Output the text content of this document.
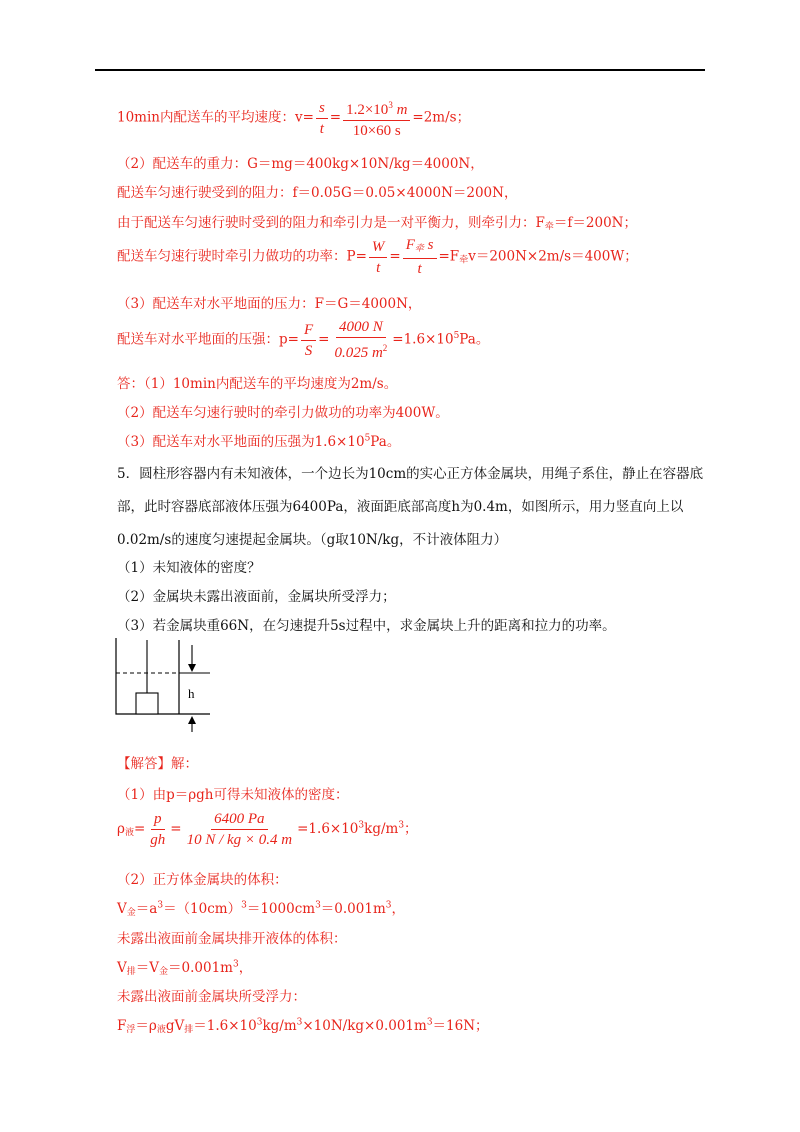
10min内配送车的平均速度：$v= \frac{s}{t} = \frac{1.2\times 10^3 m}{10\times 60 s} =2m/s$；
（2）配送车的重力：G＝mg＝400kg×10N/kg＝4000N，
配送车匀速行驶受到的阻力：f＝0.05G＝0.05×4000N＝200N，
由于配送车匀速行驶时受到的阻力和牵引力是一对平衡力，则牵引力：$F_牵=f=200N$；
配送车匀速行驶时牵引力做功的功率：$P= \frac{W}{t} = \frac{F_牵 s}{t} =F_牵v=200N\times 2m/s=400W$；
（3）配送车对水平地面的压力：F＝G＝4000N，
配送车对水平地面的压强：$p= \frac{F}{S} = \frac{4000 N}{0.025 m^2} =1.6\times 10^5Pa$。
答：（1）10min内配送车的平均速度为2m/s。
（2）配送车匀速行驶时的牵引力做功的功率为400W。
（3）配送车对水平地面的压强为$1.6\times 10^5Pa$。
5．圆柱形容器内有未知液体，一个边长为10cm的实心正方体金属块，用绳子系住，静止在容器底
部，此时容器底部液体压强为6400Pa，液面距底部高度h为0.4m，如图所示，用力竖直向上以
0.02m/s的速度匀速提起金属块。（g取10N/kg，不计液体阻力）
（1）未知液体的密度？
（2）金属块未露出液面前，金属块所受浮力；
（3）若金属块重66N，在匀速提升5s过程中，求金属块上升的距离和拉力的功率。
h
【解答】解：
（1）由p＝ρgh可得未知液体的密度：
$\rho_液= \frac{p}{gh} = \frac{6400 Pa}{10 N / kg \times 0.4 m} =1.6\times 10^3kg/m^3$；
（2）正方体金属块的体积：
$V_金=a^3=(10cm)^3=1000cm^3=0.001m^3$，
未露出液面前金属块排开液体的体积：
$V_排=V_金=0.001m^3$，
未露出液面前金属块所受浮力：
$F_浮=\rho_液gV_排=1.6\times 10^3kg/m^3\times 10N/kg\times 0.001m^3=16N$；
